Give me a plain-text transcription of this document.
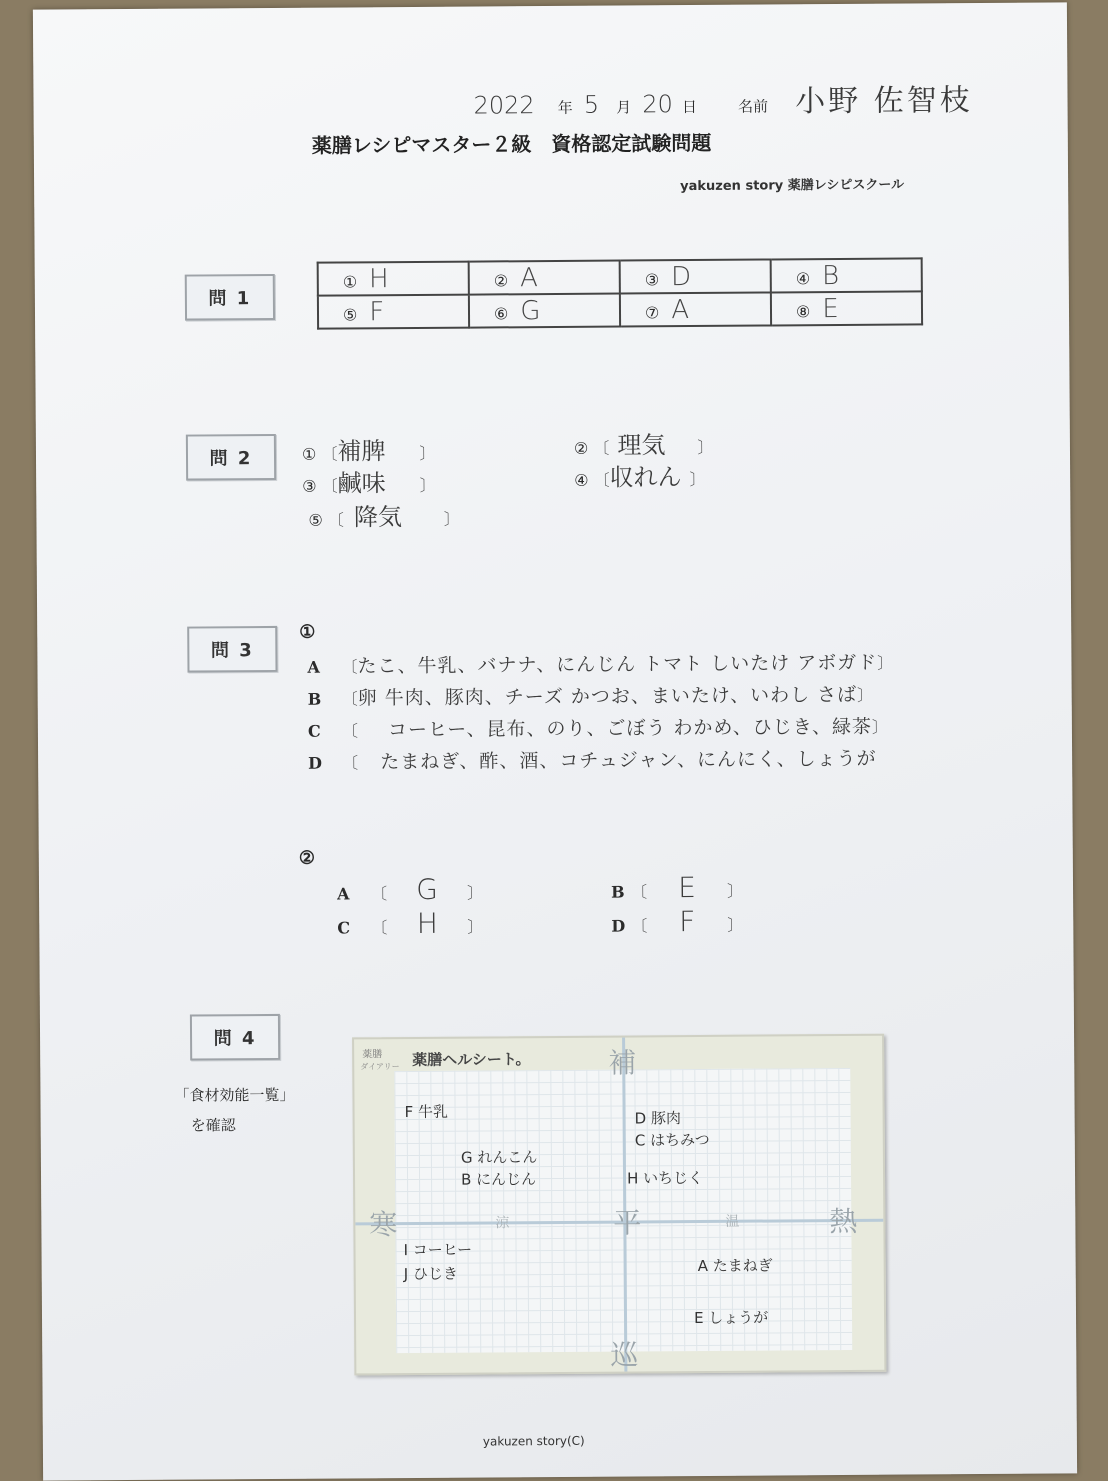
2022 年 5 月 20 日	名前 小野 佐智枝
薬膳レシピマスター２級　資格認定試験問題
yakuzen story 薬膳レシピスクール
問 1
① H	② A	③ D	④ B
⑤ F	⑥ G	⑦ A	⑧ E
問 2	① 〔補脾 〕	② 〔 理気 〕
③ 〔鹹味 〕	④ 〔収れん 〕
⑤ 〔 降気	〕
問 3
①
A 〔たこ、牛乳、バナナ、にんじん トマト しいたけ アボガド〕
B 〔卵 牛肉、豚肉、チーズ かつお、まいたけ、いわし さば〕
C 〔 コーヒー、昆布、のり、ごぼう わかめ、ひじき、緑茶〕
D 〔 たまねぎ、酢、酒、コチュジャン、にんにく、しょうが
②
A 〔 G 〕	B 〔 E 〕
C 〔 H 〕	D 〔 F 〕
問 4
「食材効能一覧」
を確認
薬膳
ダイアリー 薬膳ヘルシート。	補
巡
寒	熱
平
涼	温
F 牛乳	D 豚肉
C はちみつ
G れんこん
B にんじん	H いちじく
I コーヒー
J ひじき	A たまねぎ
E しょうが
yakuzen story(C)
